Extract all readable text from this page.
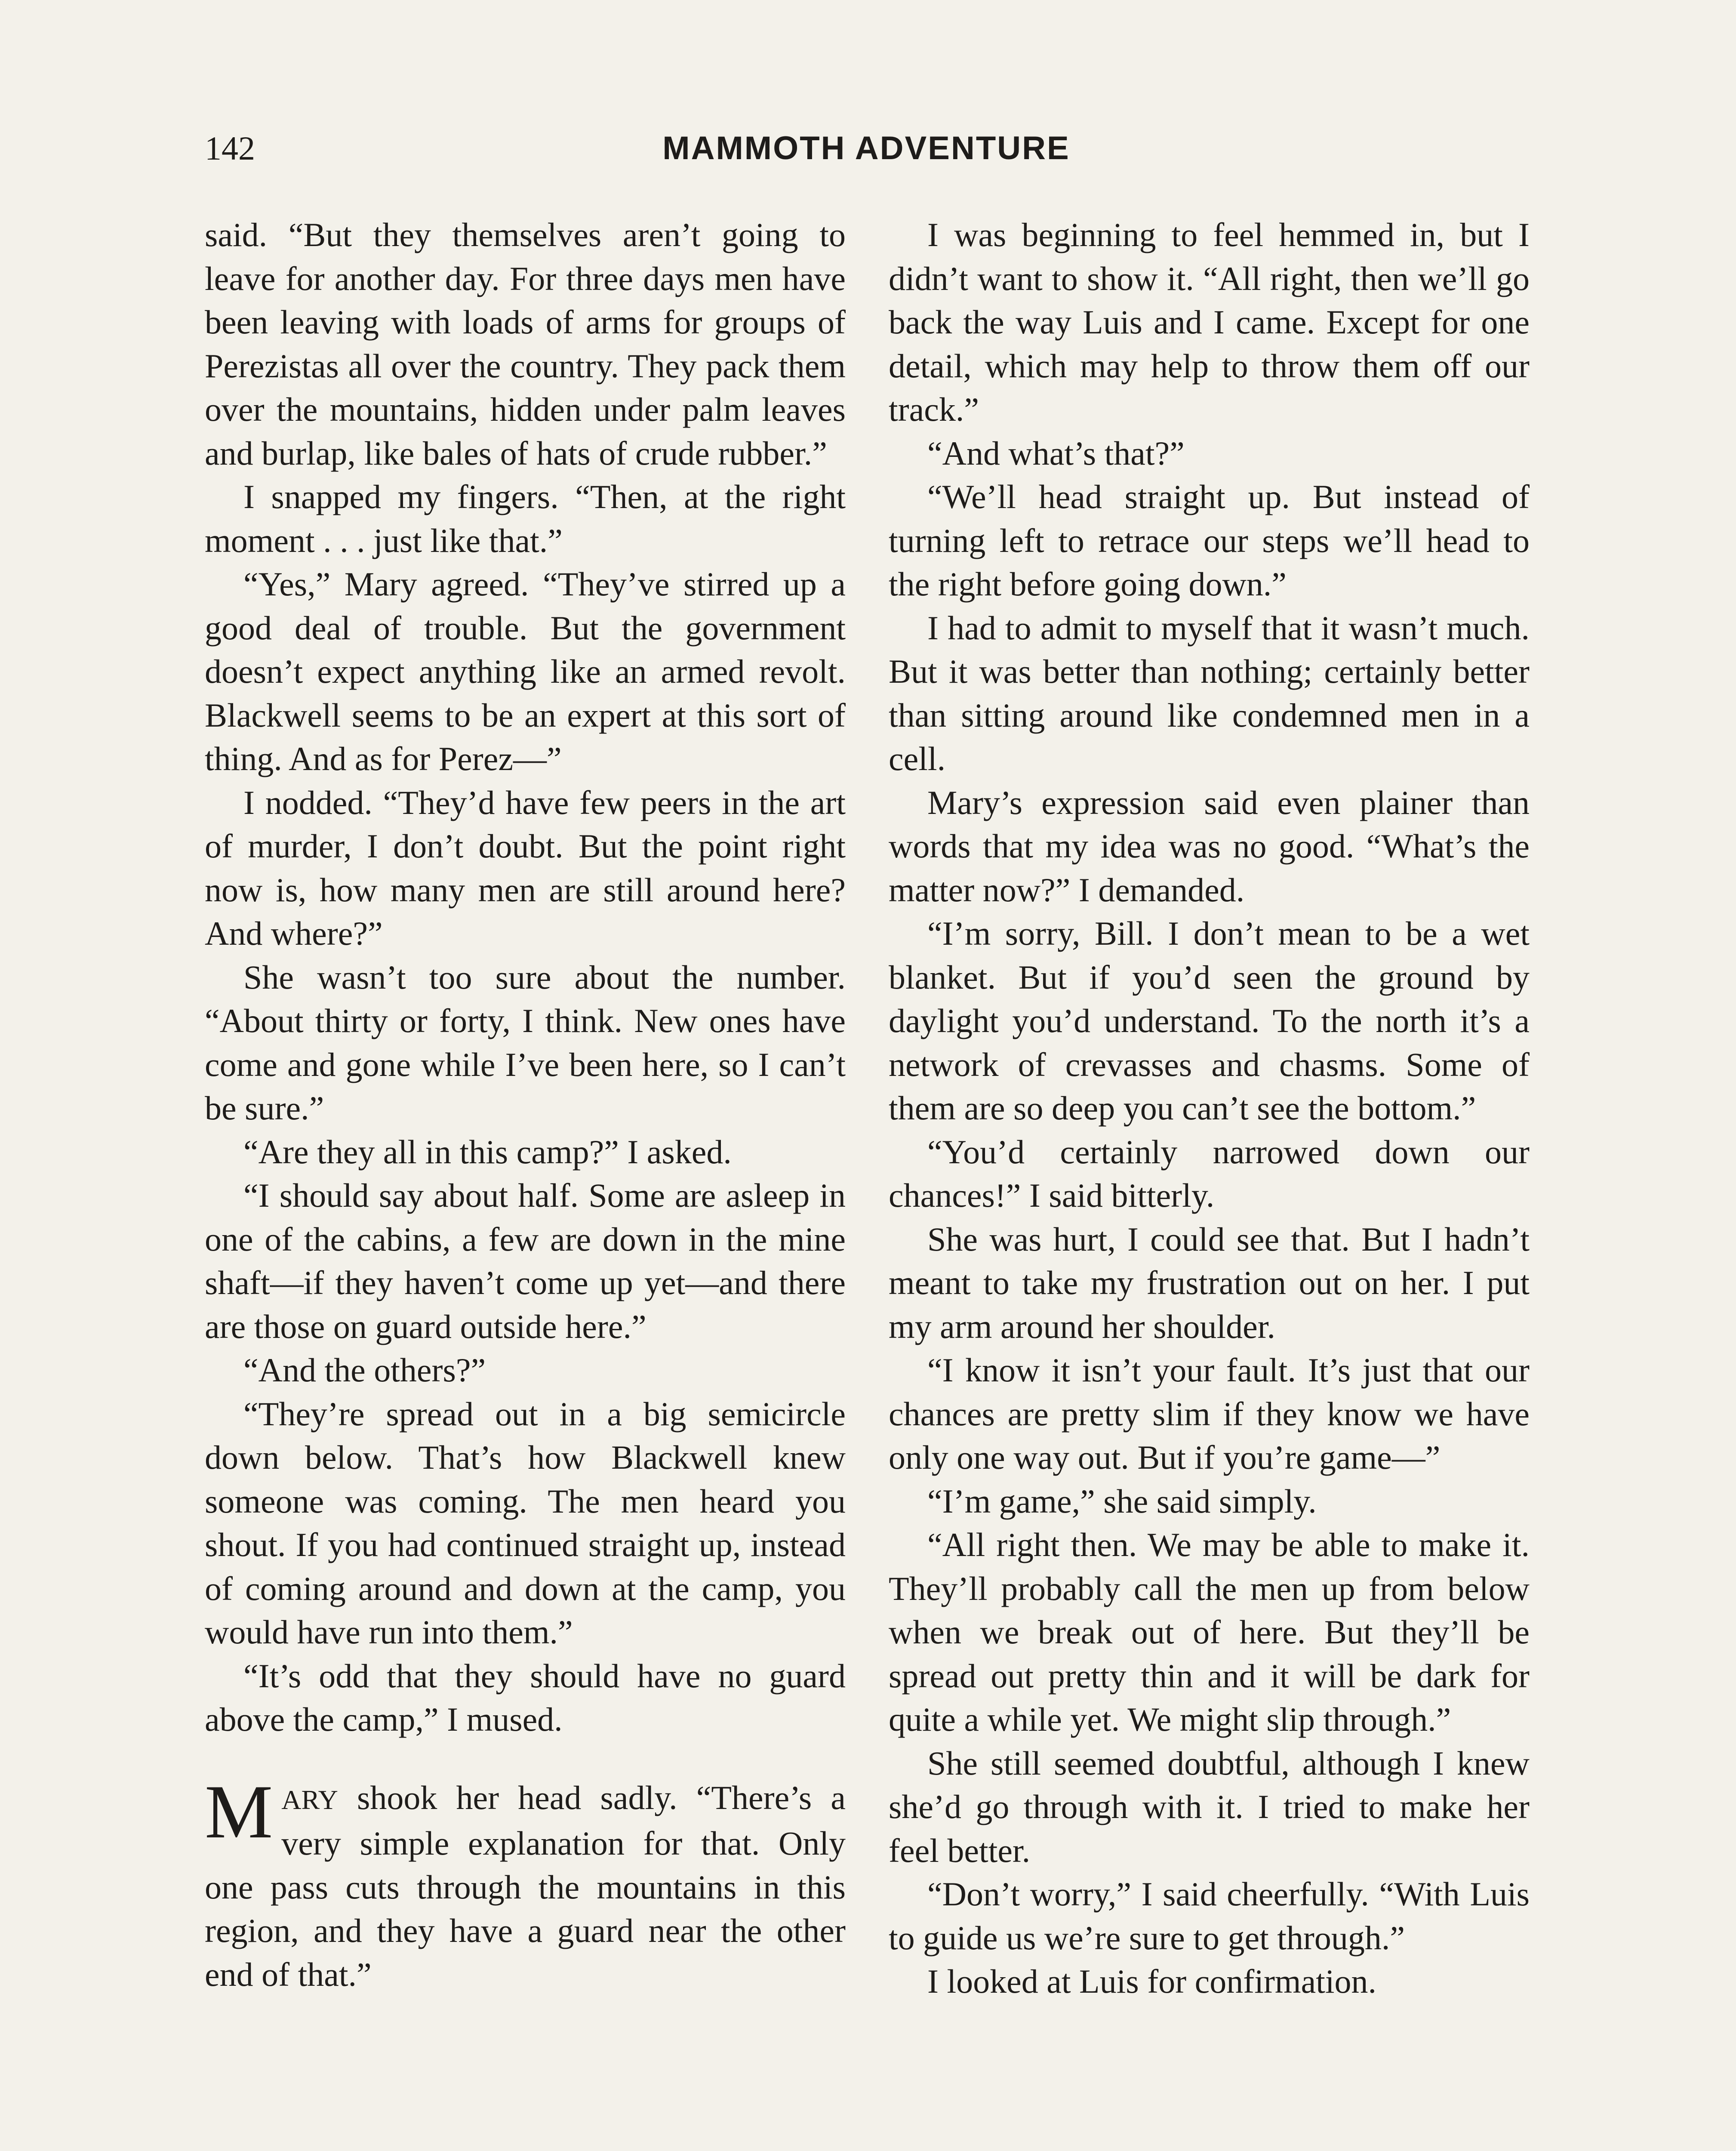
142	MAMMOTH ADVENTURE

said. “But they themselves aren’t going to leave for another day. For three days men have been leaving with loads of arms for groups of Perezistas all over the country. They pack them over the mountains, hidden under palm leaves and burlap, like bales of hats of crude rubber.”

I snapped my fingers. “Then, at the right moment . . . just like that.”

“Yes,” Mary agreed. “They’ve stirred up a good deal of trouble. But the government doesn’t expect anything like an armed revolt. Blackwell seems to be an expert at this sort of thing. And as for Perez—”

I nodded. “They’d have few peers in the art of murder, I don’t doubt. But the point right now is, how many men are still around here? And where?”

She wasn’t too sure about the number. “About thirty or forty, I think. New ones have come and gone while I’ve been here, so I can’t be sure.”

“Are they all in this camp?” I asked.

“I should say about half. Some are asleep in one of the cabins, a few are down in the mine shaft—if they haven’t come up yet—and there are those on guard outside here.”

“And the others?”

“They’re spread out in a big semicircle down below. That’s how Blackwell knew someone was coming. The men heard you shout. If you had continued straight up, instead of coming around and down at the camp, you would have run into them.”

“It’s odd that they should have no guard above the camp,” I mused.

MARY shook her head sadly. “There’s a very simple explanation for that. Only one pass cuts through the mountains in this region, and they have a guard near the other end of that.”

I was beginning to feel hemmed in, but I didn’t want to show it. “All right, then we’ll go back the way Luis and I came. Except for one detail, which may help to throw them off our track.”

“And what’s that?”

“We’ll head straight up. But instead of turning left to retrace our steps we’ll head to the right before going down.”

I had to admit to myself that it wasn’t much. But it was better than nothing; certainly better than sitting around like condemned men in a cell.

Mary’s expression said even plainer than words that my idea was no good. “What’s the matter now?” I demanded.

“I’m sorry, Bill. I don’t mean to be a wet blanket. But if you’d seen the ground by daylight you’d understand. To the north it’s a network of crevasses and chasms. Some of them are so deep you can’t see the bottom.”

“You’d certainly narrowed down our chances!” I said bitterly.

She was hurt, I could see that. But I hadn’t meant to take my frustration out on her. I put my arm around her shoulder.

“I know it isn’t your fault. It’s just that our chances are pretty slim if they know we have only one way out. But if you’re game—”

“I’m game,” she said simply.

“All right then. We may be able to make it. They’ll probably call the men up from below when we break out of here. But they’ll be spread out pretty thin and it will be dark for quite a while yet. We might slip through.”

She still seemed doubtful, although I knew she’d go through with it. I tried to make her feel better.

“Don’t worry,” I said cheerfully. “With Luis to guide us we’re sure to get through.”

I looked at Luis for confirmation.
